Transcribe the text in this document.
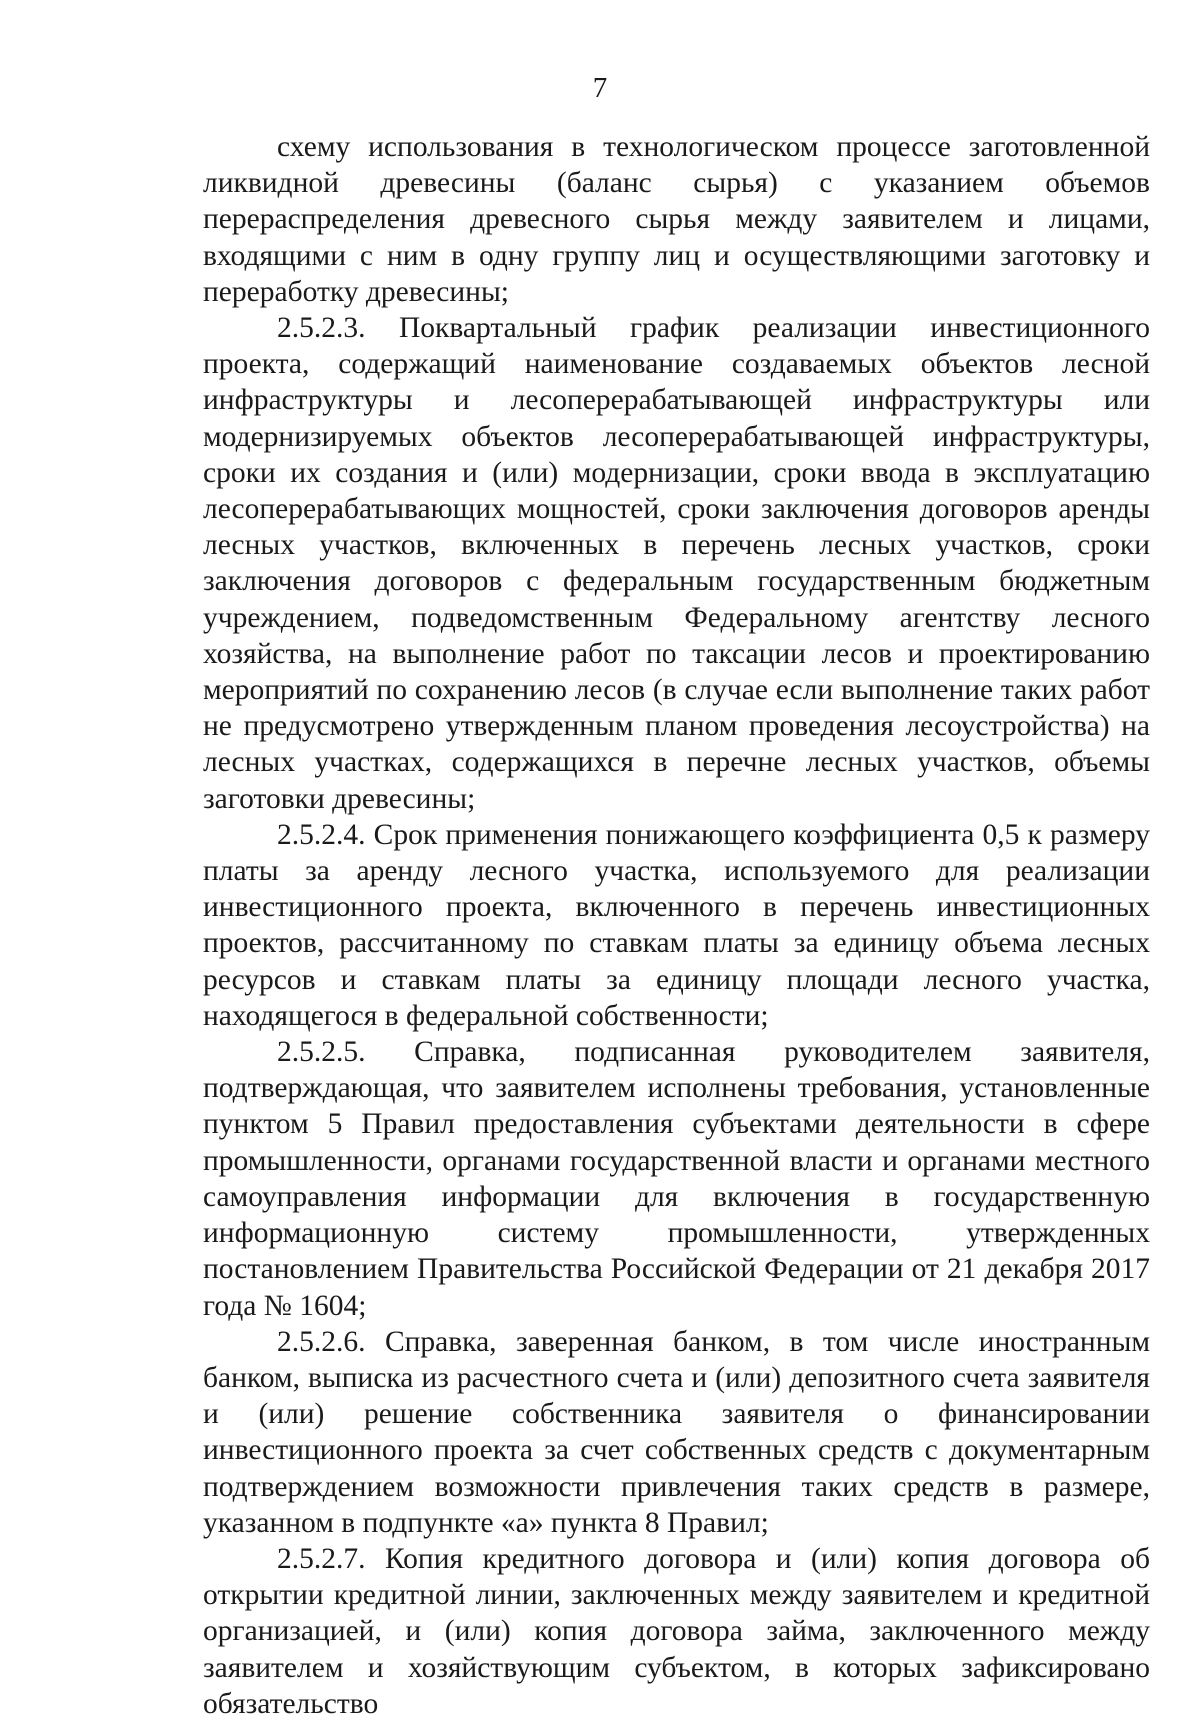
7

схему использования в технологическом процессе заготовленной ликвидной древесины (баланс сырья) с указанием объемов перераспределения древесного сырья между заявителем и лицами, входящими с ним в одну группу лиц и осуществляющими заготовку и переработку древесины;

2.5.2.3. Поквартальный график реализации инвестиционного проекта, содержащий наименование создаваемых объектов лесной инфраструктуры и лесоперерабатывающей инфраструктуры или модернизируемых объектов лесоперерабатывающей инфраструктуры, сроки их создания и (или) модернизации, сроки ввода в эксплуатацию лесоперерабатывающих мощностей, сроки заключения договоров аренды лесных участков, включенных в перечень лесных участков, сроки заключения договоров с федеральным государственным бюджетным учреждением, подведомственным Федеральному агентству лесного хозяйства, на выполнение работ по таксации лесов и проектированию мероприятий по сохранению лесов (в случае если выполнение таких работ не предусмотрено утвержденным планом проведения лесоустройства) на лесных участках, содержащихся в перечне лесных участков, объемы заготовки древесины;

2.5.2.4. Срок применения понижающего коэффициента 0,5 к размеру платы за аренду лесного участка, используемого для реализации инвестиционного проекта, включенного в перечень инвестиционных проектов, рассчитанному по ставкам платы за единицу объема лесных ресурсов и ставкам платы за единицу площади лесного участка, находящегося в федеральной собственности;

2.5.2.5. Справка, подписанная руководителем заявителя, подтверждающая, что заявителем исполнены требования, установленные пунктом 5 Правил предоставления субъектами деятельности в сфере промышленности, органами государственной власти и органами местного самоуправления информации для включения в государственную информационную систему промышленности, утвержденных постановлением Правительства Российской Федерации от 21 декабря 2017 года № 1604;

2.5.2.6. Справка, заверенная банком, в том числе иностранным банком, выписка из расчестного счета и (или) депозитного счета заявителя и (или) решение собственника заявителя о финансировании инвестиционного проекта за счет собственных средств с документарным подтверждением возможности привлечения таких средств в размере, указанном в подпункте «а» пункта 8 Правил;

2.5.2.7. Копия кредитного договора и (или) копия договора об открытии кредитной линии, заключенных между заявителем и кредитной организацией, и (или) копия договора займа, заключенного между заявителем и хозяйствующим субъектом, в которых зафиксировано обязательство
